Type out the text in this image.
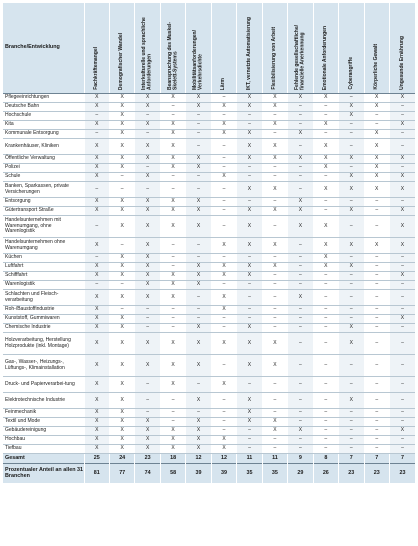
Branche/Entwicklung	Fachkräftemangel	Demografischer Wandel	Interkulturelle und sprachliche Anforderungen	Beanspruchung des Muskel-Skelett-Systems	Mobilitätsanforderungen/ Verkehrsdichte	Lärm	IKT, vernetzte Automatisierung	Flexibilisierung von Arbeit	Fehlende gesellschaftliche/ finanzielle Anerkennung	Emotionale Anforderungen	Cyberangriffe	Körperliche Gewalt	Ungesunde Ernährung

Pflegeeinrichtungen	X	X	X	X	X	–	X	X	X	X	–	X	X
Deutsche Bahn	X	X	X	–	X	X	X	X	–	–	X	X	–
Hochschule	–	X	–	–	–	–	–	–	–	–	X	–	–
Kita	X	X	X	X	–	X	–	X	–	X	–	–	X
Kommunale Entsorgung	–	X	–	X	–	X	X	–	X	–	–	X	–
Krankenhäuser, Kliniken	X	X	X	X	–	–	X	X	–	X	–	X	–
Öffentliche Verwaltung	X	X	X	X	X	–	X	X	X	X	X	X	X
Polizei	X	X	–	X	X	–	–	–	–	X	–	X	–
Schule	X	–	X	–	–	X	–	–	–	–	X	X	X
Banken, Sparkassen, private Versicherungen	–	–	–	–	–	–	X	X	–	X	X	X	X
Entsorgung	X	X	X	X	X	–	–	–	X	–	–	–	–
Gütertransport Straße	X	X	X	X	X	–	X	X	X	–	X	–	X
Handelsunternehmen mit Warenumgang, ohne Warenlogistik	–	X	X	X	X	–	X	–	X	X	–	–	X
Handelsunternehmen ohne Warenumgang	X	–	X	–	–	X	X	X	–	X	X	X	X
Küchen	–	X	X	–	–	–	–	–	–	X	–	–	–
Luftfahrt	X	X	X	–	X	X	X	X	–	X	X	–	–
Schifffahrt	X	X	X	X	X	X	X	–	–	–	–	–	X
Warenlogistik	–	–	X	X	X	–	–	–	–	–	–	–	–
Schlachten und Fleisch-verarbeitung	X	X	X	X	–	X	–	–	X	–	–	–	–
Roh-/Baustoffindustrie	X	–	–	–	–	X	–	–	–	–	–	–	–
Kunststoff, Gummiwaren	X	X	–	–	–	–	–	–	–	–	–	–	X
Chemische Industrie	X	X	–	–	X	–	X	–	–	–	X	–	–
Holzverarbeitung, Herstellung Holzprodukte (inkl. Montage)	X	X	X	X	X	X	X	X	–	–	X	–	–
Gas-, Wasser-, Heizungs-, Lüftungs-, Klimainstallation	X	X	X	X	X	–	X	X	–	–	–	–	–
Druck- und Papierverarbei-tung	X	X	–	X	–	X	–	–	–	–	–	–	–
Elektrotechnische Industrie	X	X	–	–	X	–	X	–	–	–	X	–	–
Feinmechanik	X	X	–	–	–	–	X	–	–	–	–	–	–
Textil und Mode	X	X	X	–	X	–	X	X	–	–	–	–	–
Gebäudereinigung	X	X	X	X	X	–	–	X	X	–	–	–	X
Hochbau	X	X	X	X	X	X	–	–	–	–	–	–	–
Tiefbau	X	X	X	X	X	X	–	–	–	–	–	–	–
Gesamt	25	24	23	18	12	12	11	11	9	8	7	7	7
Prozentualer Anteil an allen 31 Branchen	81	77	74	58	39	39	35	35	29	26	23	23	23
